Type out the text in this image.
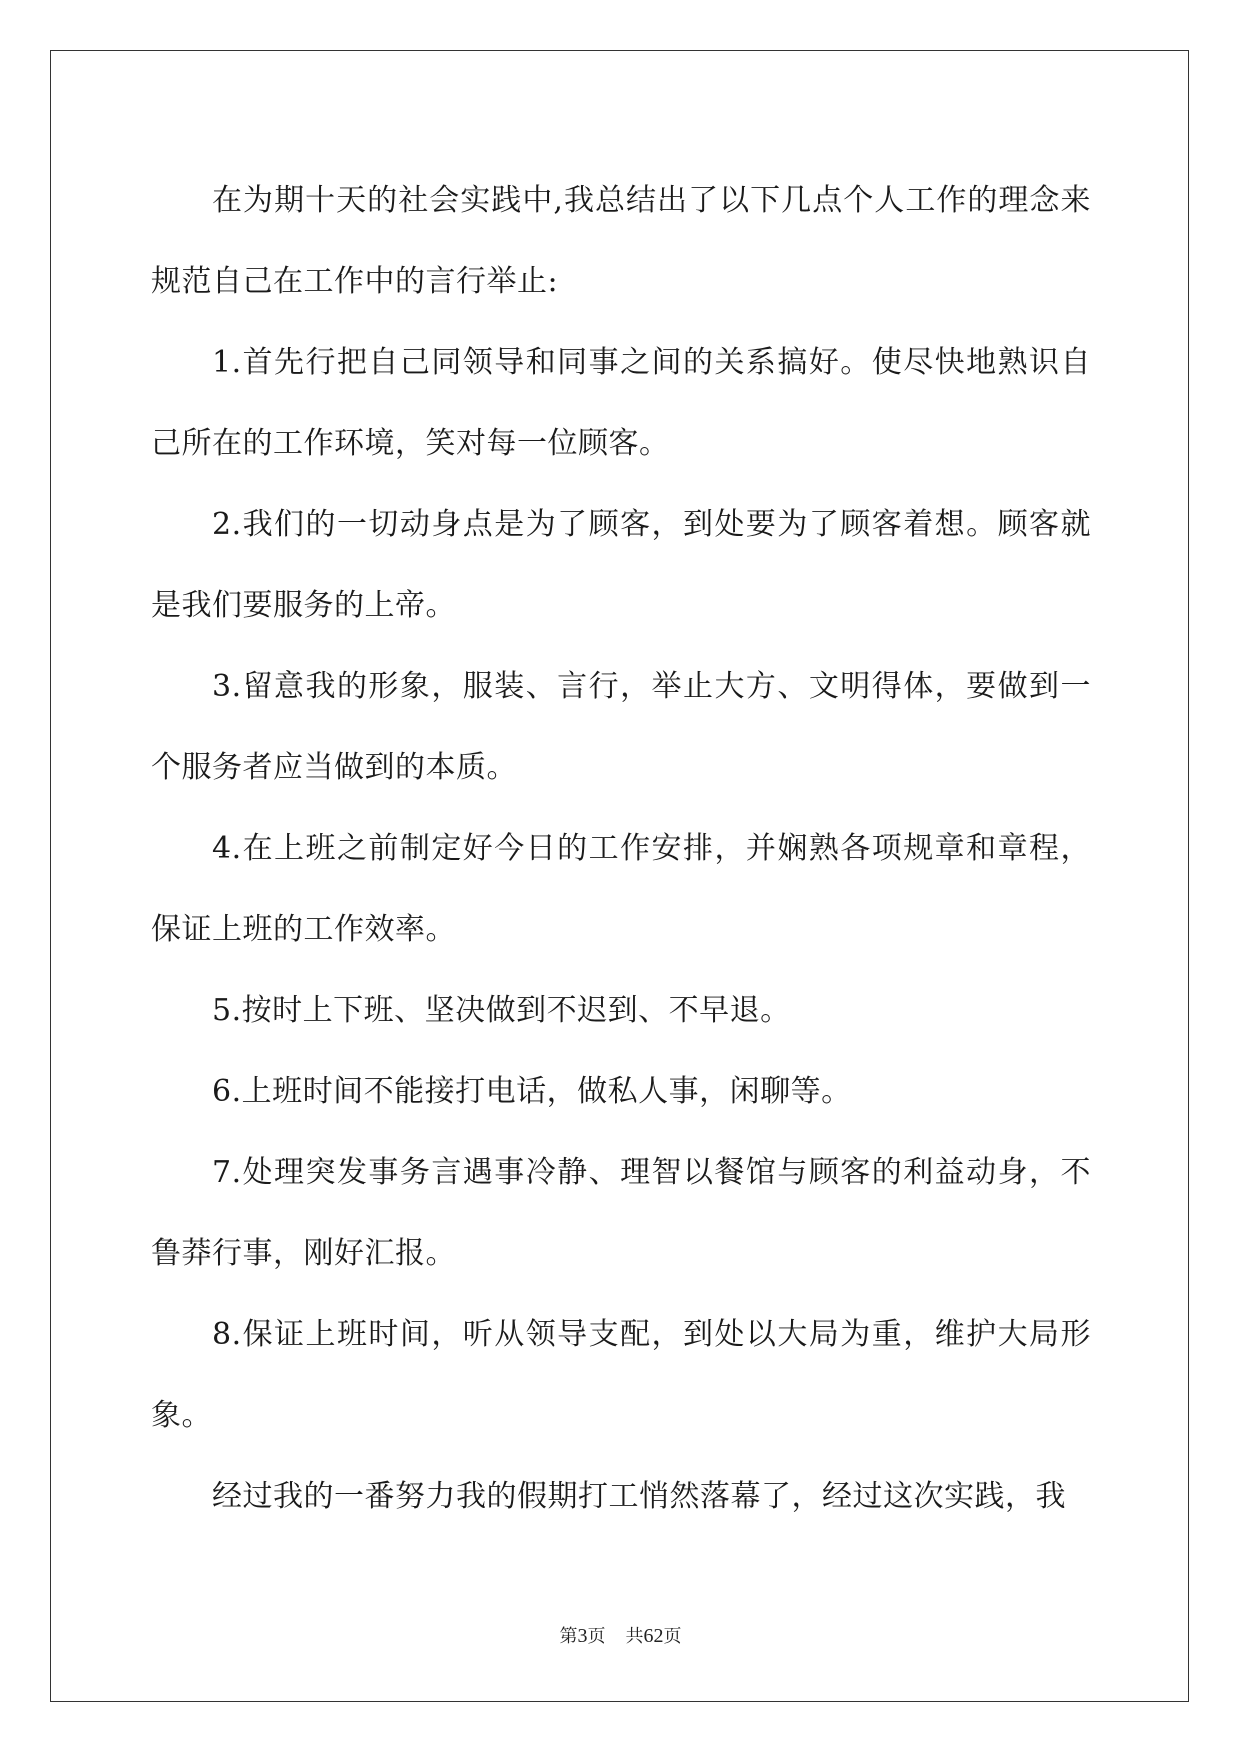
在为期十天的社会实践中,我总结出了以下几点个人工作的理念来规范自己在工作中的言行举止:

1.首先行把自己同领导和同事之间的关系搞好。使尽快地熟识自己所在的工作环境，笑对每一位顾客。

2.我们的一切动身点是为了顾客，到处要为了顾客着想。顾客就是我们要服务的上帝。

3.留意我的形象，服装、言行，举止大方、文明得体，要做到一个服务者应当做到的本质。

4.在上班之前制定好今日的工作安排，并娴熟各项规章和章程，保证上班的工作效率。

5.按时上下班、坚决做到不迟到、不早退。

6.上班时间不能接打电话，做私人事，闲聊等。

7.处理突发事务言遇事冷静、理智以餐馆与顾客的利益动身，不鲁莽行事，刚好汇报。

8.保证上班时间，听从领导支配，到处以大局为重，维护大局形象。

经过我的一番努力我的假期打工悄然落幕了，经过这次实践，我

第3页 共62页
